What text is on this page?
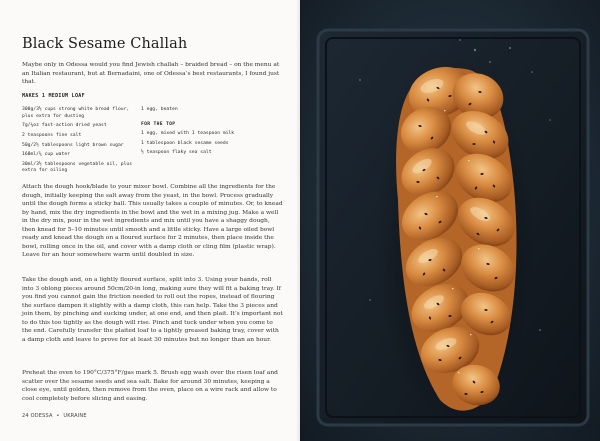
Black Sesame Challah
Maybe only in Odessa would you find Jewish challah – braided bread – on the menu at an Italian restaurant, but at Bernadaini, one of Odessa’s best restaurants, I found just that.
MAKES 1 MEDIUM LOAF
300g/3½ cups strong white bread flour, plus extra for dusting
7g/¼oz fast-action dried yeast
2 teaspoons fine salt
50g/2½ tablespoons light brown sugar
160ml/⅔ cup water
30ml/3½ tablespoons vegetable oil, plus extra for oiling
1 egg, beaten
FOR THE TOP
1 egg, mixed with 1 teaspoon milk
1 tablespoon black sesame seeds
½ teaspoon flaky sea salt
Attach the dough hook/blade to your mixer bowl. Combine all the ingredients for the dough, initially keeping the salt away from the yeast, in the bowl. Process gradually until the dough forms a sticky ball. This usually takes a couple of minutes. Or, to knead by hand, mix the dry ingredients in the bowl and the wet in a mixing jug. Make a well in the dry mix, pour in the wet ingredients and mix until you have a shaggy dough, then knead for 5–10 minutes until smooth and a little sticky. Have a large oiled bowl ready and knead the dough on a floured surface for 2 minutes, then place inside the bowl, rolling once in the oil, and cover with a damp cloth or cling film (plastic wrap). Leave for an hour somewhere warm until doubled in size.
Take the dough and, on a lightly floured surface, split into 3. Using your hands, roll into 3 oblong pieces around 50cm/20-in long, making sure they will fit a baking tray. If you find you cannot gain the friction needed to roll out the ropes, instead of flouring the surface dampen it slightly with a damp cloth, this can help. Take the 3 pieces and join them, by pinching and sucking under, at one end, and then plait. It’s important not to do this too tightly as the dough will rise. Pinch and tuck under when you come to the end. Carefully transfer the plaited loaf to a lightly greased baking tray, cover with a damp cloth and leave to prove for at least 30 minutes but no longer than an hour.
Preheat the oven to 190°C/375°F/gas mark 5. Brush egg wash over the risen loaf and scatter over the sesame seeds and sea salt. Bake for around 30 minutes, keeping a close eye, until golden, then remove from the oven, place on a wire rack and allow to cool completely before slicing and easing.
24 ODESSA • UKRAINE
